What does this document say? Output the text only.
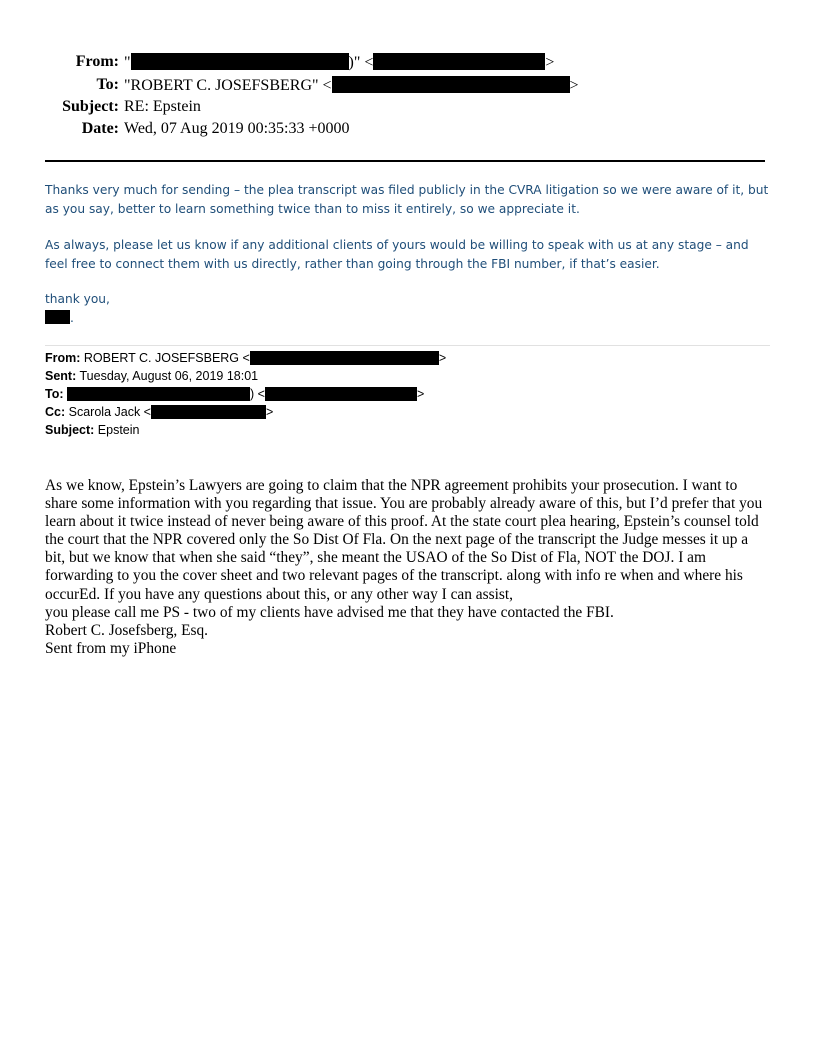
From: "	)" <	>
To: "ROBERT C. JOSEFSBERG" <	>
Subject: RE: Epstein
Date: Wed, 07 Aug 2019 00:35:33 +0000
Thanks very much for sending – the plea transcript was filed publicly in the CVRA litigation so we were aware of it, but as you say, better to learn something twice than to miss it entirely, so we appreciate it.
As always, please let us know if any additional clients of yours would be willing to speak with us at any stage – and feel free to connect them with us directly, rather than going through the FBI number, if that’s easier.
thank you,
.
From: ROBERT C. JOSEFSBERG <	>
Sent: Tuesday, August 06, 2019 18:01
To:	) <	>
Cc: Scarola Jack <	>
Subject: Epstein

As we know, Epstein’s Lawyers are going to claim that the NPR agreement prohibits your prosecution. I want to share some information with you regarding that issue. You are probably already aware of this, but I’d prefer that you learn about it twice instead of never being aware of this proof. At the state court plea hearing, Epstein’s counsel told the court that the NPR covered only the So Dist Of Fla. On the next page of the transcript the Judge messes it up a bit, but we know that when she said “they”, she meant the USAO of the So Dist of Fla, NOT the DOJ. I am forwarding to you the cover sheet and two relevant pages of the transcript. along with info re when and where his occurEd. If you have any questions about this, or any other way I can assist,

you please call me PS - two of my clients have advised me that they have contacted the FBI.

Robert C. Josefsberg, Esq.

Sent from my iPhone
